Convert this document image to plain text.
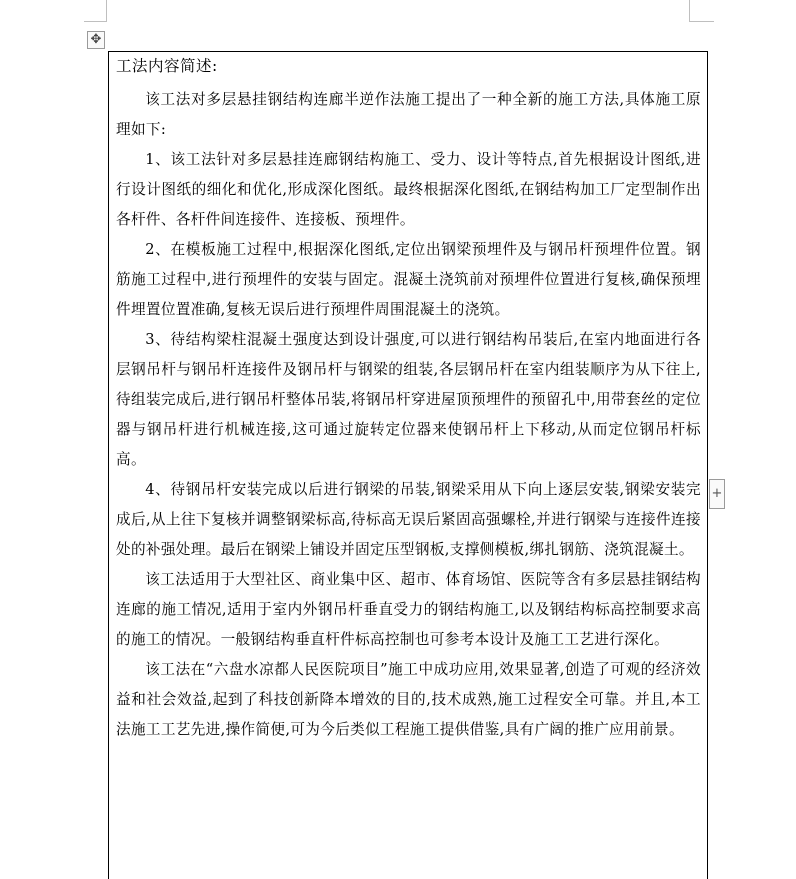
✥
工法内容简述:

该工法对多层悬挂钢结构连廊半逆作法施工提出了一种全新的施工方法,具体施工原理如下:

1、该工法针对多层悬挂连廊钢结构施工、受力、设计等特点,首先根据设计图纸,进行设计图纸的细化和优化,形成深化图纸。最终根据深化图纸,在钢结构加工厂定型制作出各杆件、各杆件间连接件、连接板、预埋件。

2、在模板施工过程中,根据深化图纸,定位出钢梁预埋件及与钢吊杆预埋件位置。钢筋施工过程中,进行预埋件的安装与固定。混凝土浇筑前对预埋件位置进行复核,确保预埋件埋置位置准确,复核无误后进行预埋件周围混凝土的浇筑。

3、待结构梁柱混凝土强度达到设计强度,可以进行钢结构吊装后,在室内地面进行各层钢吊杆与钢吊杆连接件及钢吊杆与钢梁的组装,各层钢吊杆在室内组装顺序为从下往上,待组装完成后,进行钢吊杆整体吊装,将钢吊杆穿进屋顶预埋件的预留孔中,用带套丝的定位器与钢吊杆进行机械连接,这可通过旋转定位器来使钢吊杆上下移动,从而定位钢吊杆标高。

4、待钢吊杆安装完成以后进行钢梁的吊装,钢梁采用从下向上逐层安装,钢梁安装完成后,从上往下复核并调整钢梁标高,待标高无误后紧固高强螺栓,并进行钢梁与连接件连接处的补强处理。最后在钢梁上铺设并固定压型钢板,支撑侧模板,绑扎钢筋、浇筑混凝土。

该工法适用于大型社区、商业集中区、超市、体育场馆、医院等含有多层悬挂钢结构连廊的施工情况,适用于室内外钢吊杆垂直受力的钢结构施工,以及钢结构标高控制要求高的施工的情况。一般钢结构垂直杆件标高控制也可参考本设计及施工工艺进行深化。

该工法在“六盘水凉都人民医院项目”施工中成功应用,效果显著,创造了可观的经济效益和社会效益,起到了科技创新降本增效的目的,技术成熟,施工过程安全可靠。并且,本工法施工工艺先进,操作简便,可为今后类似工程施工提供借鉴,具有广阔的推广应用前景。

+
